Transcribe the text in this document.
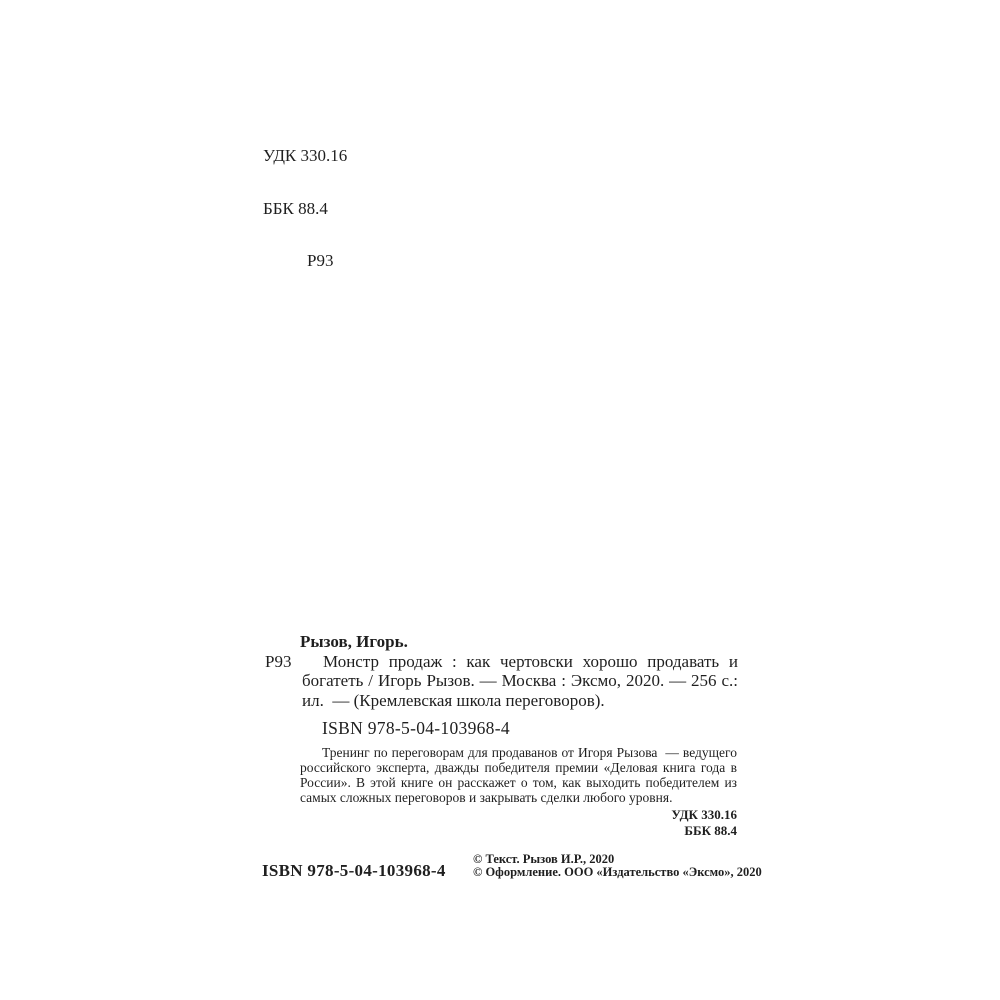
УДК 330.16

ББК 88.4

Р93

Рызов, Игорь.
Р93	Монстр продаж : как чертовски хорошо продавать и
богатеть / Игорь Рызов. — Москва : Эксмо, 2020. — 256 с.:
ил.  — (Кремлевская школа переговоров).
ISBN 978-5-04-103968-4
Тренинг по переговорам для продаванов от Игоря Рызова  — ведущего
российского эксперта, дважды победителя премии «Деловая книга года в
России». В этой книге он расскажет о том, как выходить победителем из
самых сложных переговоров и закрывать сделки любого уровня.
УДК 330.16
ББК 88.4
ISBN 978-5-04-103968-4
© Текст. Рызов И.Р., 2020
© Оформление. ООО «Издательство «Эксмо», 2020
